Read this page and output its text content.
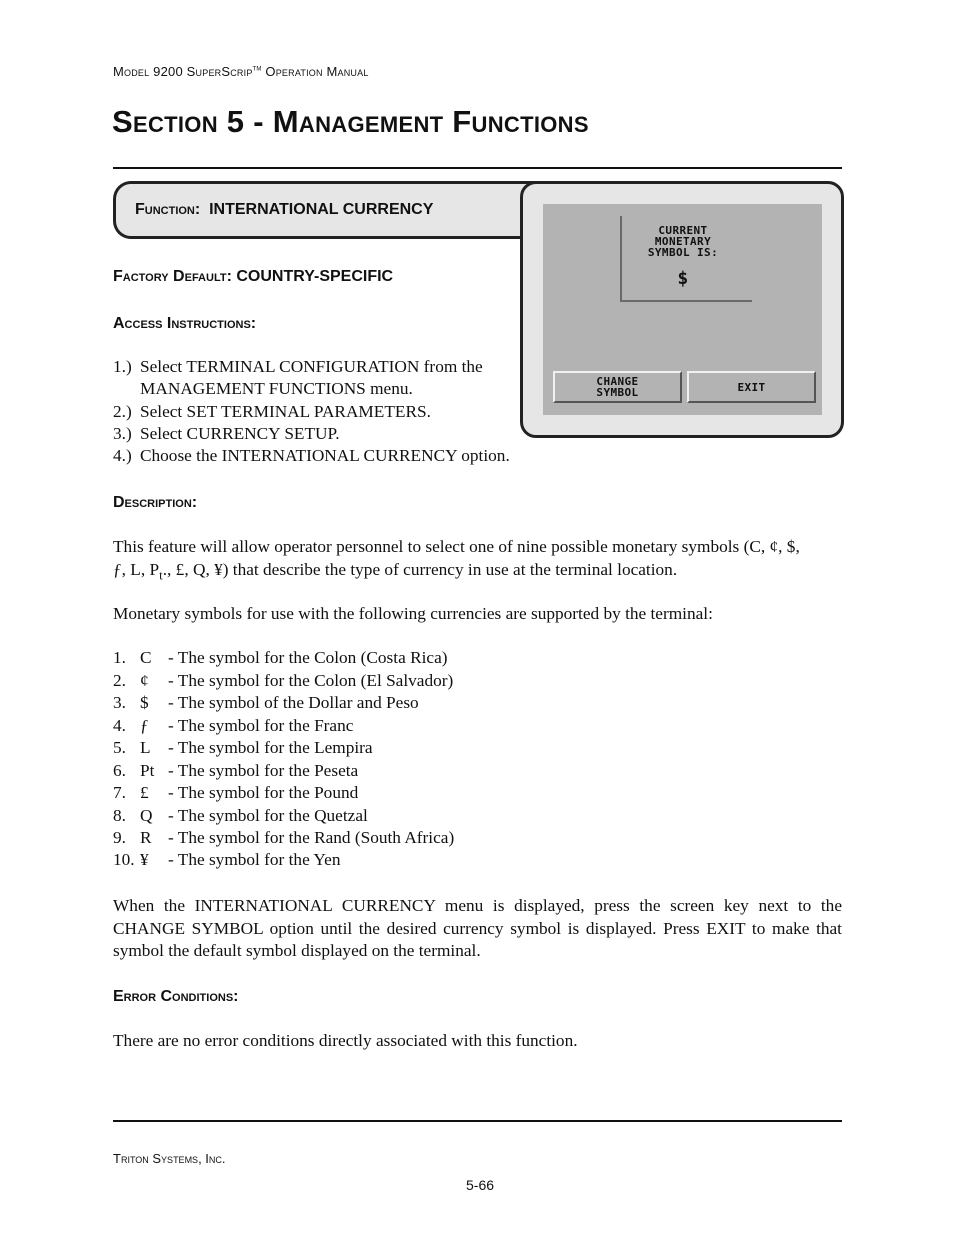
Model 9200 SuperScrip™ Operation Manual
Section 5 - Management Functions
Function: INTERNATIONAL CURRENCY
CURRENT
MONETARY
SYMBOL IS:
$
CHANGE
SYMBOL	EXIT
Factory Default: COUNTRY-SPECIFIC
Access Instructions:
1.) Select TERMINAL CONFIGURATION from the
MANAGEMENT FUNCTIONS menu.
2.) Select SET TERMINAL PARAMETERS.
3.) Select CURRENCY SETUP.
4.) Choose the INTERNATIONAL CURRENCY option.
Description:
This feature will allow operator personnel to select one of nine possible monetary symbols (C, ¢, $,
ƒ, L, $P_t$., £, Q, ¥) that describe the type of currency in use at the terminal location.
Monetary symbols for use with the following currencies are supported by the terminal:
1. C - The symbol for the Colon (Costa Rica)
2. ¢ - The symbol for the Colon (El Salvador)
3. $ - The symbol of the Dollar and Peso
4. ƒ - The symbol for the Franc
5. L - The symbol for the Lempira
6. Pt - The symbol for the Peseta
7. £ - The symbol for the Pound
8. Q - The symbol for the Quetzal
9. R - The symbol for the Rand (South Africa)
10. ¥ - The symbol for the Yen
When the INTERNATIONAL CURRENCY menu is displayed, press the screen key next to the CHANGE SYMBOL option until the desired currency symbol is displayed. Press EXIT to make that symbol the default symbol displayed on the terminal.
Error Conditions:
There are no error conditions directly associated with this function.
Triton Systems, Inc.
5-66
